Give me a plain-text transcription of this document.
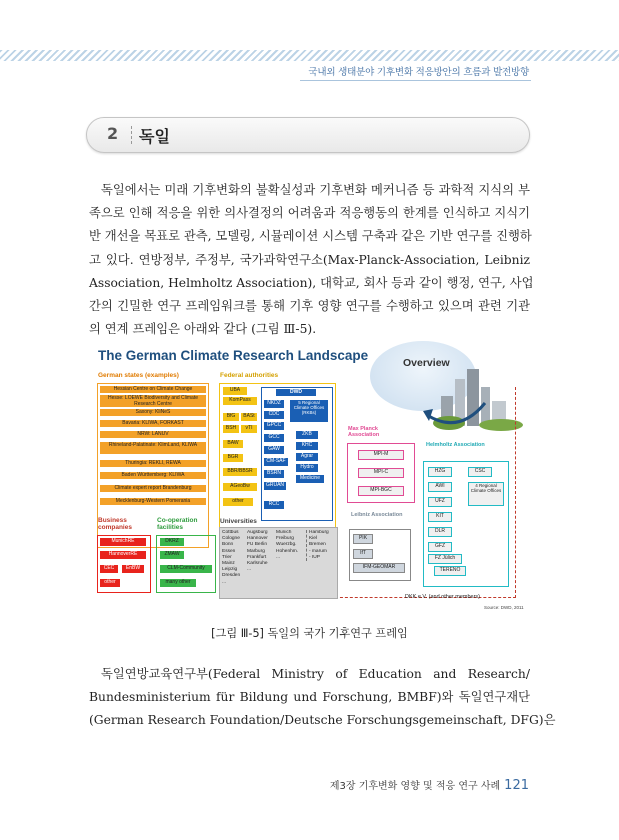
국내외 생태분야 기후변화 적응방안의 흐름과 발전방향
2 독일
독일에서는 미래 기후변화의 불확실성과 기후변화 메커니즘 등 과학적 지식의 부
족으로 인해 적응을 위한 의사결정의 어려움과 적응행동의 한계를 인식하고 지식기
반 개선을 목표로 관측, 모델링, 시뮬레이션 시스템 구축과 같은 기반 연구를 진행하
고 있다. 연방정부, 주정부, 국가과학연구소(Max-Planck-Association, Leibniz
Association, Helmholtz Association), 대학교, 회사 등과 같이 행정, 연구, 사업
간의 긴밀한 연구 프레임워크를 통해 기후 영향 연구를 수행하고 있으며 관련 기관
의 연계 프레임은 아래와 같다 (그림 Ⅲ-5).
The German Climate Research Landscape	Overview
German states (examples)
Hessian Centre on Climate Change
Hesse: LOEWE Biodiversity and Climate Research Centre
Saxony: KliNeS
Bavaria: KLIWA, FORKAST
NRW: LANUV
Rhineland-Palatinate: KlimLand, KLIWA
Thuringia: REKLI, REWA
Baden Württemberg: KLIWA
Climate expert report Brandenburg
Mecklenburg-Western Pomerania
Federal authorities
UBA
KomPass
BfG	BASt
BSH	vTI
BAW
BGR
BBR/BBSR
AGeoBw
other
DWD
NKDZ
CDC
GPCC
GCC
GAW
CM-SAF
BSRN
GRUAN
RCC
5 Regional Climate Offices (RKBs)
ZKB
KHC
Agrar
Hydro
Medicine
Max Planck Association
MPI-M
MPI-C
MPI-BGC
Helmholtz Association
HZG	CSC
AWI	4 Regional Climate Offices
UFZ
KIT
DLR
GFZ
FZ Jülich
TERENO
Leibniz Association
PIK
IfT
IFM-GEOMAR
DKK e.V. (and other members)
Source: DWD, 2011
Business companies
MunichRE
HannoverRE
CEC	EnBW
other
Co-operation facilities
DKRZ
ZMAW
CLM-Community
many other
Universities
Cottbus
Cologne
Bonn
Essen
Trier
Mainz
Leipzig
Dresden
...
Augsburg
Hannover
FU Berlin
Marburg
Frankfurt
Karlsruhe
...
Munich
Freiburg
Wuerzbg.
Hohenhm.
...
Hamburg
Kiel
Bremen
- marum
- IUP
[그림 Ⅲ-5] 독일의 국가 기후연구 프레임
독일연방교육연구부(Federal Ministry of Education and Research/
Bundesministerium für Bildung und Forschung, BMBF)와 독일연구재단
(German Research Foundation/Deutsche Forschungsgemeinschaft, DFG)은
제3장 기후변화 영향 및 적응 연구 사례 121
